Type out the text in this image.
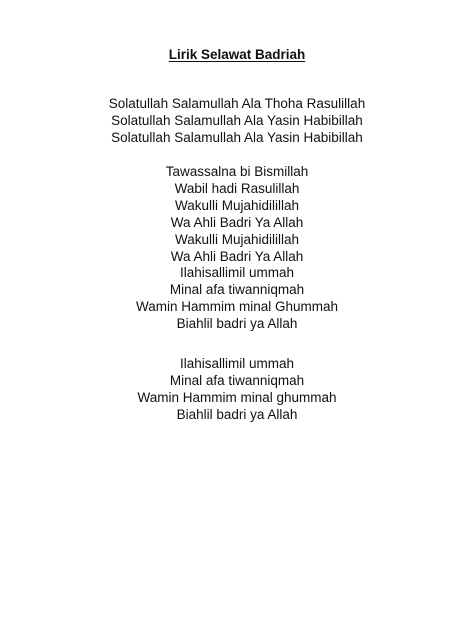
Lirik Selawat Badriah
Solatullah Salamullah Ala Thoha Rasulillah
Solatullah Salamullah Ala Yasin Habibillah
Solatullah Salamullah Ala Yasin Habibillah
Tawassalna bi Bismillah
Wabil hadi Rasulillah
Wakulli Mujahidilillah
Wa Ahli Badri Ya Allah
Wakulli Mujahidilillah
Wa Ahli Badri Ya Allah
Ilahisallimil ummah
Minal afa tiwanniqmah
Wamin Hammim minal Ghummah
Biahlil badri ya Allah
Ilahisallimil ummah
Minal afa tiwanniqmah
Wamin Hammim minal ghummah
Biahlil badri ya Allah
